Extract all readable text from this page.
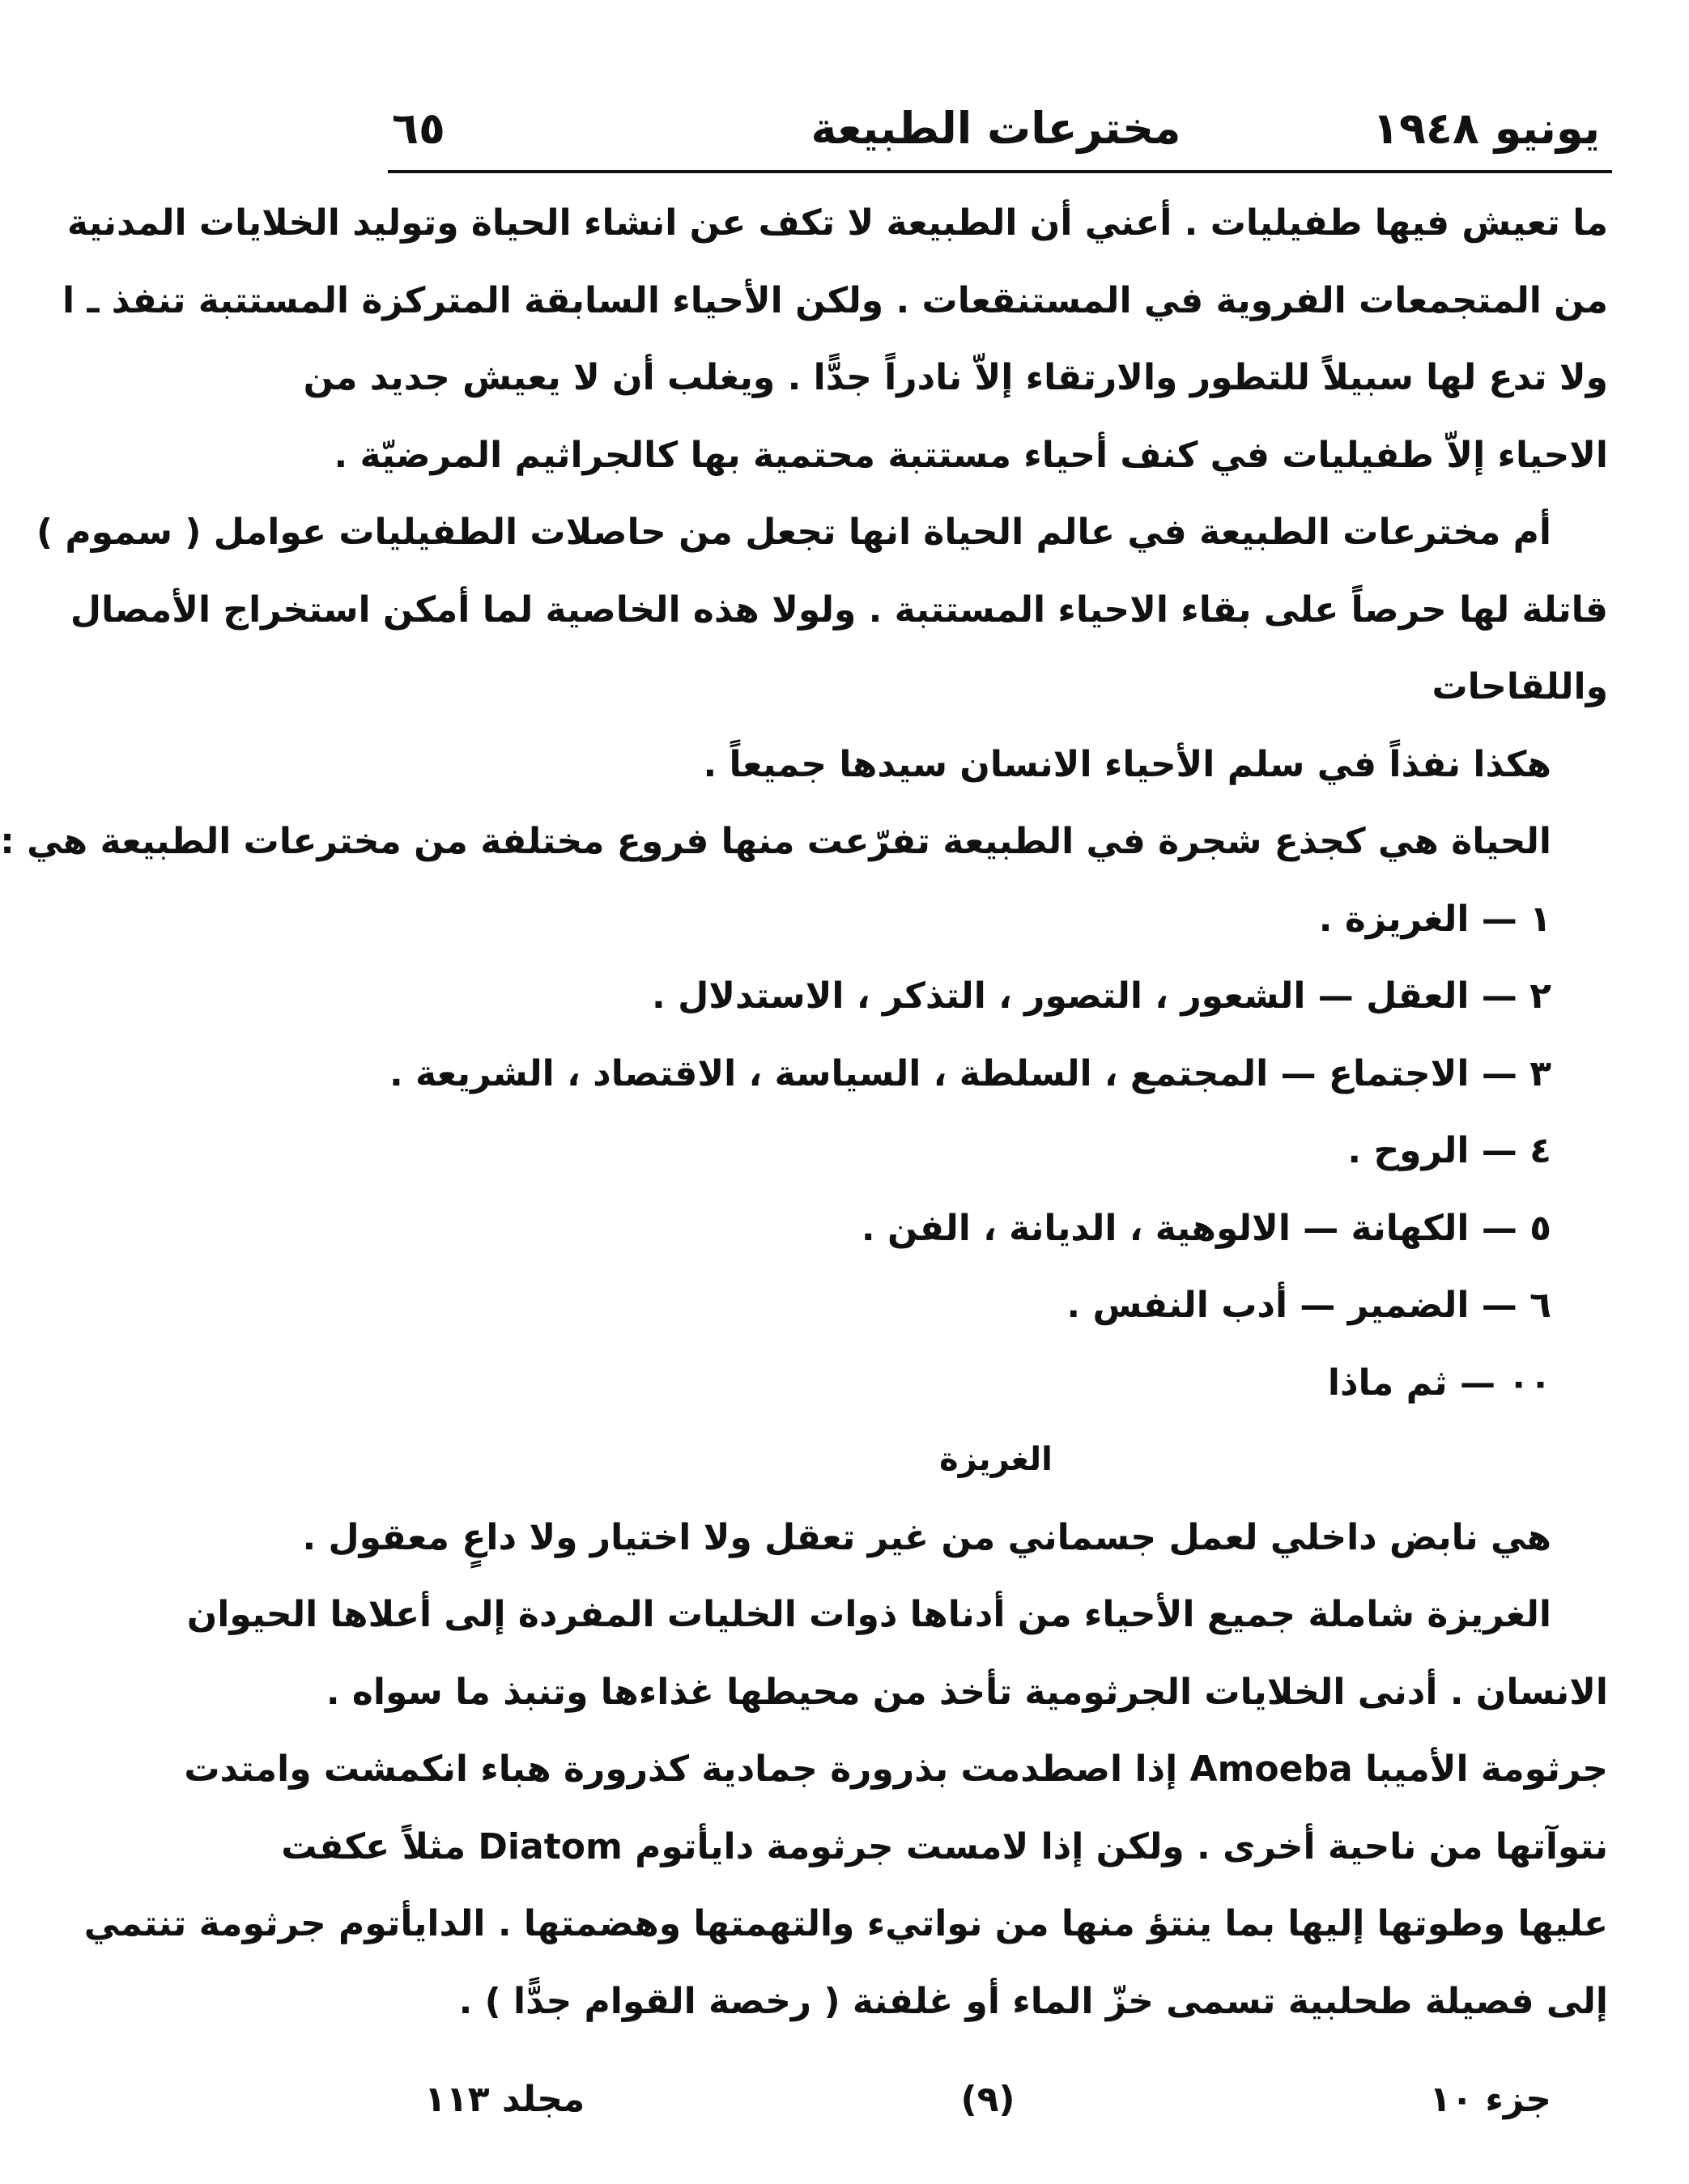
يونيو ١٩٤٨
مخترعات الطبيعة
٦٥
ما تعيش فيها طفيليات . أعني أن الطبيعة لا تكف عن انشاء الحياة وتوليد الخلايات المدنية
من المتجمعات الفروية في المستنقعات . ولكن الأحياء السابقة المتركزة المستتبة تنفذ ـ ا
ولا تدع لها سبيلاً للتطور والارتقاء إلاّ نادراً جدًّا . ويغلب أن لا يعيش جديد من
الاحياء إلاّ طفيليات في كنف أحياء مستتبة محتمية بها كالجراثيم المرضيّة .
أم مخترعات الطبيعة في عالم الحياة انها تجعل من حاصلات الطفيليات عوامل ( سموم )
قاتلة لها حرصاً على بقاء الاحياء المستتبة . ولولا هذه الخاصية لما أمكن استخراج الأمصال
واللقاحات
هكذا نفذاً في سلم الأحياء الانسان سيدها جميعاً .
الحياة هي كجذع شجرة في الطبيعة تفرّعت منها فروع مختلفة من مخترعات الطبيعة هي :
١ — الغريزة .
٢ — العقل — الشعور ، التصور ، التذكر ، الاستدلال .
٣ — الاجتماع — المجتمع ، السلطة ، السياسة ، الاقتصاد ، الشريعة .
٤ — الروح .
٥ — الكهانة — الالوهية ، الديانة ، الفن .
٦ — الضمير — أدب النفس .
٠٠ — ثم ماذا
الغريزة
هي نابض داخلي لعمل جسماني من غير تعقل ولا اختيار ولا داعٍ معقول .
الغريزة شاملة جميع الأحياء من أدناها ذوات الخليات المفردة إلى أعلاها الحيوان
الانسان . أدنى الخلايات الجرثومية تأخذ من محيطها غذاءها وتنبذ ما سواه .
جرثومة الأميبا Amoeba إذا اصطدمت بذرورة جمادية كذرورة هباء انكمشت وامتدت
نتوآتها من ناحية أخرى . ولكن إذا لامست جرثومة دايأتوم Diatom مثلاً عكفت
عليها وطوتها إليها بما ينتؤ منها من نواتيء والتهمتها وهضمتها . الدايأتوم جرثومة تنتمي
إلى فصيلة طحلبية تسمى خزّ الماء أو غلفنة ( رخصة القوام جدًّا ) .
جزء ١٠
(٩)
مجلد ١١٣
